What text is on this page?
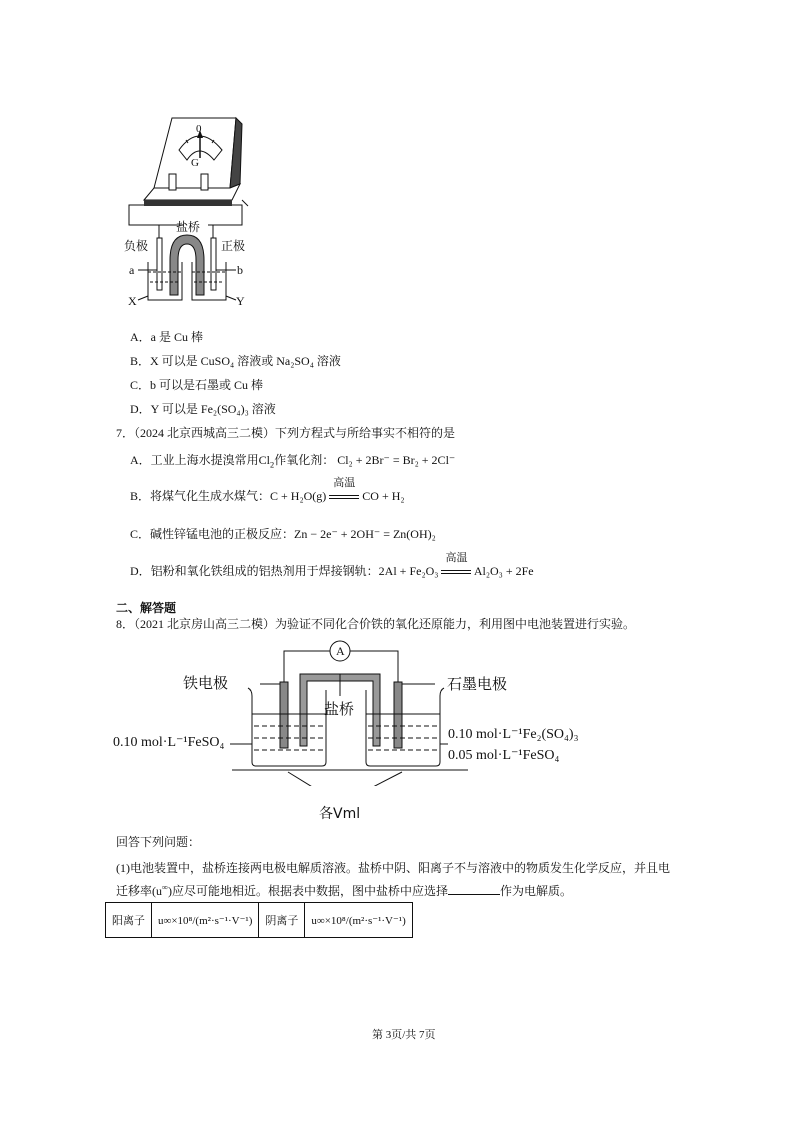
0
G
盐桥
负极	正极
a	b
X	Y
A．a 是 Cu 棒
B．X 可以是 CuSO₄ 溶液或 Na₂SO₄ 溶液
C．b 可以是石墨或 Cu 棒
D．Y 可以是 Fe₂(SO₄)₃ 溶液
7．（2024 北京西城高三二模）下列方程式与所给事实不相符的是
A．工业上海水提溴常用$Cl_2$作氧化剂： Cl₂ + 2Br⁻ = Br₂ + 2Cl⁻
B．将煤气化生成水煤气：C + H₂O(g)
高温
CO + H₂
C．碱性锌锰电池的正极反应：Zn − 2e⁻ + 2OH⁻ = Zn(OH)₂
D．铝粉和氧化铁组成的铝热剂用于焊接钢轨：2Al + Fe₂O₃
高温
Al₂O₃ + 2Fe
二、解答题
8．（2021 北京房山高三二模）为验证不同化合价铁的氧化还原能力，利用图中电池装置进行实验。
A
铁电极	石墨电极
盐桥
0.10 mol·L⁻¹FeSO₄
0.10 mol·L⁻¹Fe₂(SO₄)₃
0.05 mol·L⁻¹FeSO₄
各Vml
回答下列问题：
(1)电池装置中，盐桥连接两电极电解质溶液。盐桥中阴、阳离子不与溶液中的物质发生化学反应，并且电
迁移率(u∞)应尽可能地相近。根据表中数据，图中盐桥中应选择	作为电解质。
阳离子	u∞×10⁸/(m²·s⁻¹·V⁻¹)	阴离子	u∞×10⁸/(m²·s⁻¹·V⁻¹)
第 3页/共 7页
